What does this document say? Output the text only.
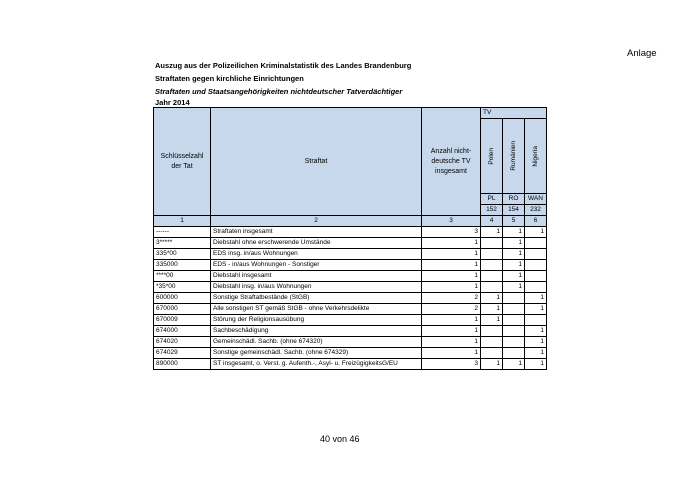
Anlage
Auszug aus der Polizeilichen Kriminalstatistik des Landes Brandenburg
Straftaten gegen kirchliche Einrichtungen
Straftaten und Staatsangehörigkeiten nichtdeutscher Tatverdächtiger
Jahr 2014
Schlüsselzahl der Tat	Straftat	Anzahl nicht-deutsche TV insgesamt	TV		

			Polen	Rumänien	Nigeria

			PL	RO	WAN
			152	154	232
1	2	3	4	5	6
------	Straftaten insgesamt	3	1	1	1
3*****	Diebstahl ohne erschwerende Umstände	1		1	
335*00	EDS insg. in/aus Wohnungen	1		1	
335000	EDS - in/aus Wohnungen - Sonstiger	1		1	
****00	Diebstahl insgesamt	1		1	
*35*00	Diebstahl insg. in/aus Wohnungen	1		1	
600000	Sonstige Straftatbestände (StGB)	2	1		1
670000	Alle sonstigen ST gemäß StGB - ohne Verkehrsdelikte	2	1		1
670009	Störung der Religionsausübung	1	1		
674000	Sachbeschädigung	1			1
674020	Gemeinschädl. Sachb. (ohne 674320)	1			1
674029	Sonstige gemeinschädl. Sachb. (ohne 674329)	1			1
890000	ST insgesamt, o. Verst. g. Aufenth.-, Asyl- u. FreizügigkeitsG/EU	3	1	1	1
40 von 46
